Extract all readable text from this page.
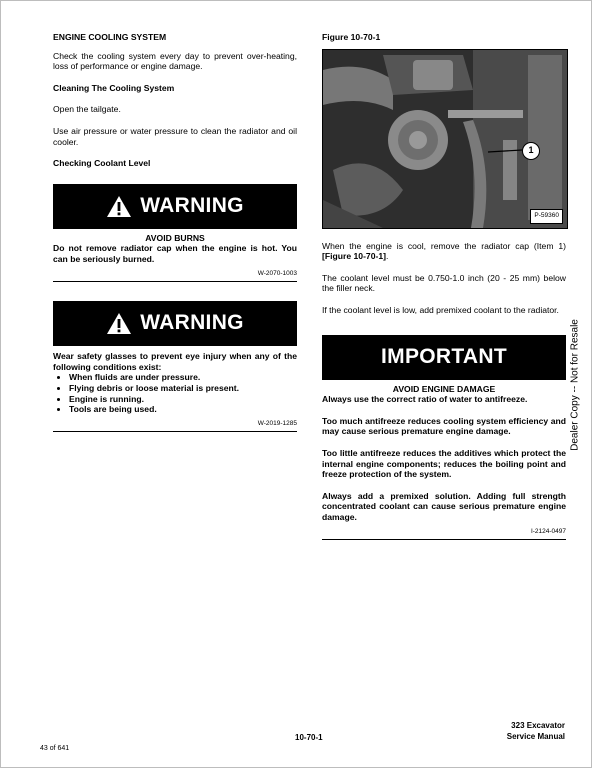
ENGINE COOLING SYSTEM

Check the cooling system every day to prevent over-heating, loss of performance or engine damage.

Cleaning The Cooling System

Open the tailgate.

Use air pressure or water pressure to clean the radiator and oil cooler.

Checking Coolant Level

WARNING
AVOID BURNS

Do not remove radiator cap when the engine is hot. You can be seriously burned.

W-2070-1003
WARNING

Wear safety glasses to prevent eye injury when any of the following conditions exist:

• When fluids are under pressure.
• Flying debris or loose material is present.
• Engine is running.
• Tools are being used.
W-2019-1285

Figure 10-70-1

1
P-59360

When the engine is cool, remove the radiator cap (Item 1) [Figure 10-70-1].

The coolant level must be 0.750-1.0 inch (20 - 25 mm) below the filler neck.

If the coolant level is low, add premixed coolant to the radiator.

IMPORTANT
AVOID ENGINE DAMAGE

Always use the correct ratio of water to antifreeze.

Too much antifreeze reduces cooling system efficiency and may cause serious premature engine damage.

Too little antifreeze reduces the additives which protect the internal engine components; reduces the boiling point and freeze protection of the system.

Always add a premixed solution. Adding full strength concentrated coolant can cause serious premature engine damage.

I-2124-0497
Dealer Copy -- Not for Resale
10-70-1
323 Excavator
Service Manual
43 of 641
